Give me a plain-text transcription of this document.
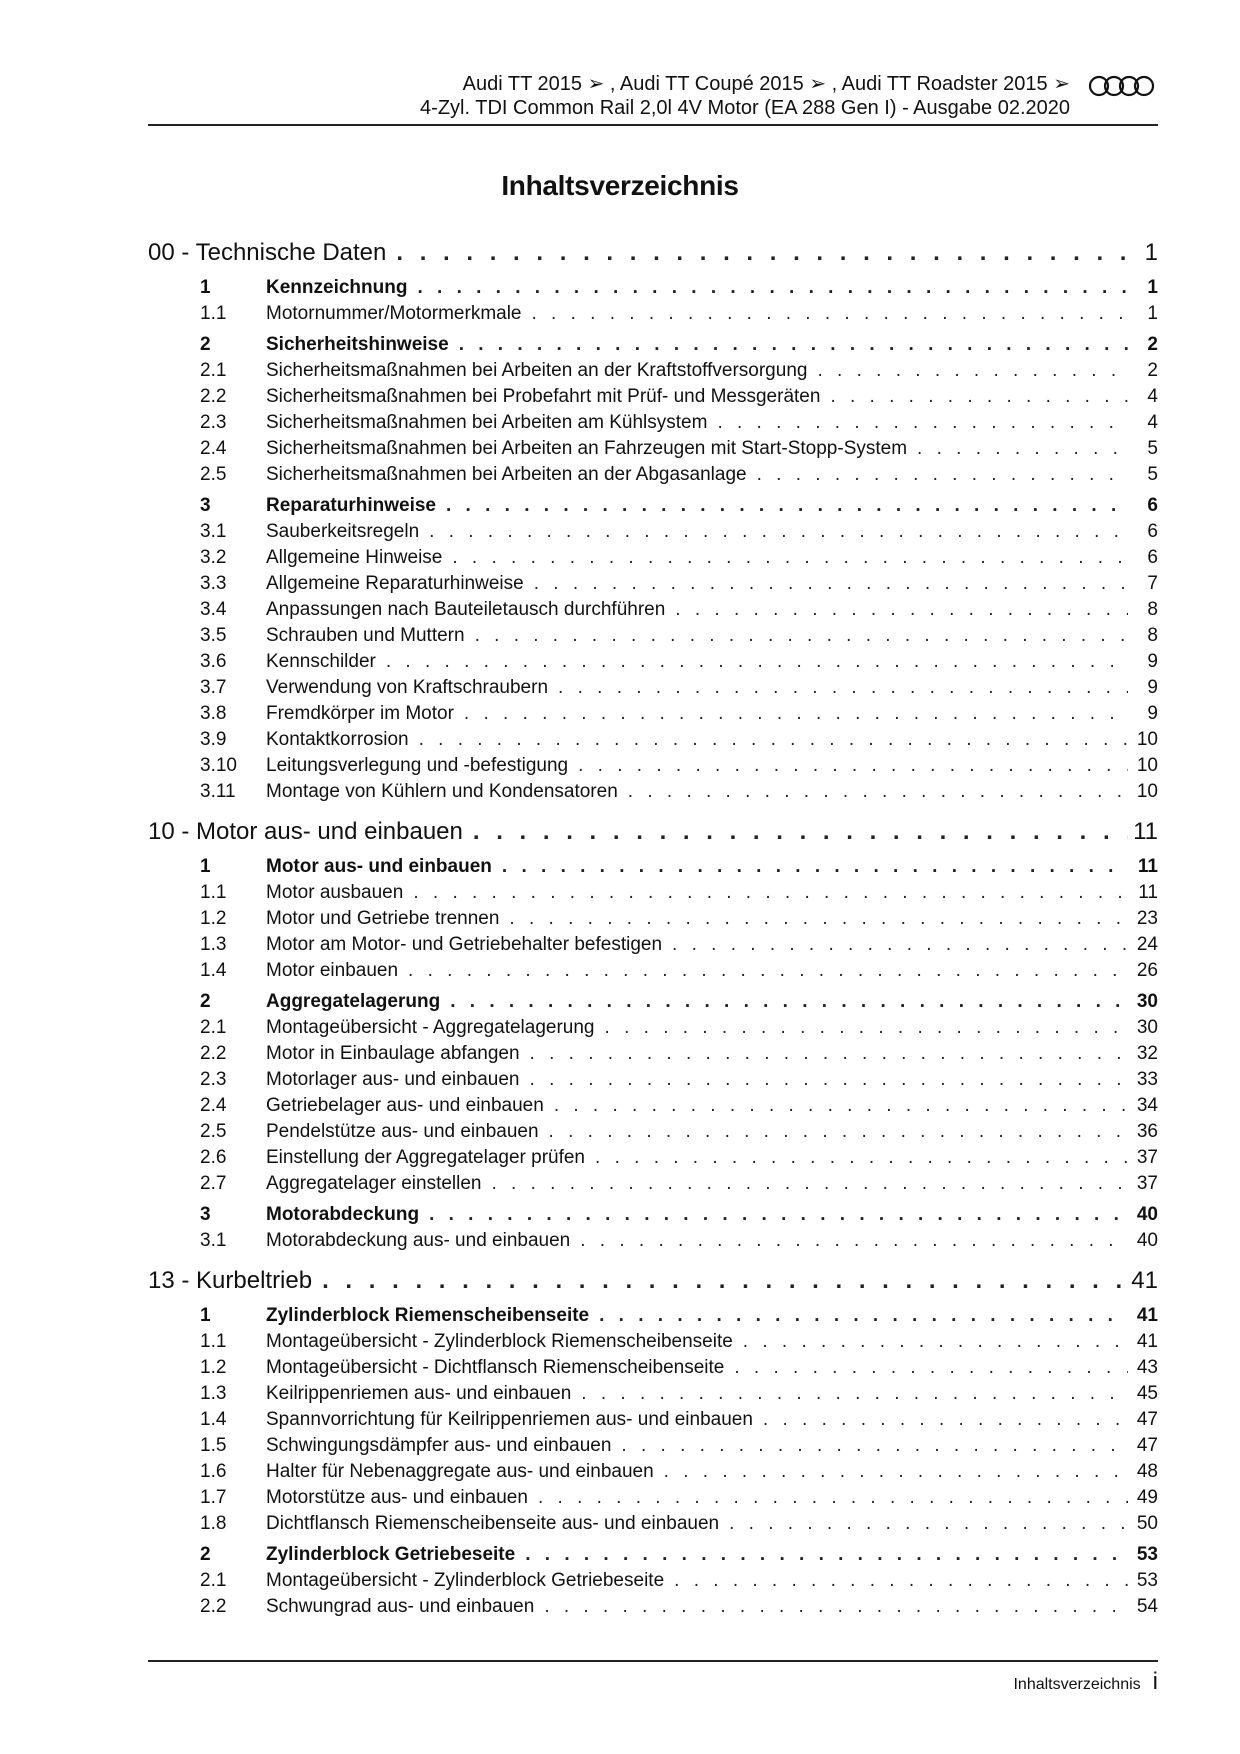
Audi TT 2015 ➢ , Audi TT Coupé 2015 ➢ , Audi TT Roadster 2015 ➢
4-Zyl. TDI Common Rail 2,0l 4V Motor (EA 288 Gen I) - Ausgabe 02.2020
Inhaltsverzeichnis
00 - Technische Daten . . .	1
1	Kennzeichnung . . .	1
1.1	Motornummer/Motormerkmale . . .	1
2	Sicherheitshinweise . . .	2
2.1	Sicherheitsmaßnahmen bei Arbeiten an der Kraftstoffversorgung . . .	2
2.2	Sicherheitsmaßnahmen bei Probefahrt mit Prüf- und Messgeräten . . .	4
2.3	Sicherheitsmaßnahmen bei Arbeiten am Kühlsystem . . .	4
2.4	Sicherheitsmaßnahmen bei Arbeiten an Fahrzeugen mit Start-Stopp-System . . .	5
2.5	Sicherheitsmaßnahmen bei Arbeiten an der Abgasanlage . . .	5
3	Reparaturhinweise . . .	6
3.1	Sauberkeitsregeln . . .	6
3.2	Allgemeine Hinweise . . .	6
3.3	Allgemeine Reparaturhinweise . . .	7
3.4	Anpassungen nach Bauteiletausch durchführen . . .	8
3.5	Schrauben und Muttern . . .	8
3.6	Kennschilder . . .	9
3.7	Verwendung von Kraftschraubern . . .	9
3.8	Fremdkörper im Motor . . .	9
3.9	Kontaktkorrosion . . .	10
3.10	Leitungsverlegung und -befestigung . . .	10
3.11	Montage von Kühlern und Kondensatoren . . .	10
10 - Motor aus- und einbauen . . .	11
1	Motor aus- und einbauen . . .	11
1.1	Motor ausbauen . . .	11
1.2	Motor und Getriebe trennen . . .	23
1.3	Motor am Motor- und Getriebehalter befestigen . . .	24
1.4	Motor einbauen . . .	26
2	Aggregatelagerung . . .	30
2.1	Montageübersicht - Aggregatelagerung . . .	30
2.2	Motor in Einbaulage abfangen . . .	32
2.3	Motorlager aus- und einbauen . . .	33
2.4	Getriebelager aus- und einbauen . . .	34
2.5	Pendelstütze aus- und einbauen . . .	36
2.6	Einstellung der Aggregatelager prüfen . . .	37
2.7	Aggregatelager einstellen . . .	37
3	Motorabdeckung . . .	40
3.1	Motorabdeckung aus- und einbauen . . .	40
13 - Kurbeltrieb . . .	41
1	Zylinderblock Riemenscheibenseite . . .	41
1.1	Montageübersicht - Zylinderblock Riemenscheibenseite . . .	41
1.2	Montageübersicht - Dichtflansch Riemenscheibenseite . . .	43
1.3	Keilrippenriemen aus- und einbauen . . .	45
1.4	Spannvorrichtung für Keilrippenriemen aus- und einbauen . . .	47
1.5	Schwingungsdämpfer aus- und einbauen . . .	47
1.6	Halter für Nebenaggregate aus- und einbauen . . .	48
1.7	Motorstütze aus- und einbauen . . .	49
1.8	Dichtflansch Riemenscheibenseite aus- und einbauen . . .	50
2	Zylinderblock Getriebeseite . . .	53
2.1	Montageübersicht - Zylinderblock Getriebeseite . . .	53
2.2	Schwungrad aus- und einbauen . . .	54
Inhaltsverzeichnis i
